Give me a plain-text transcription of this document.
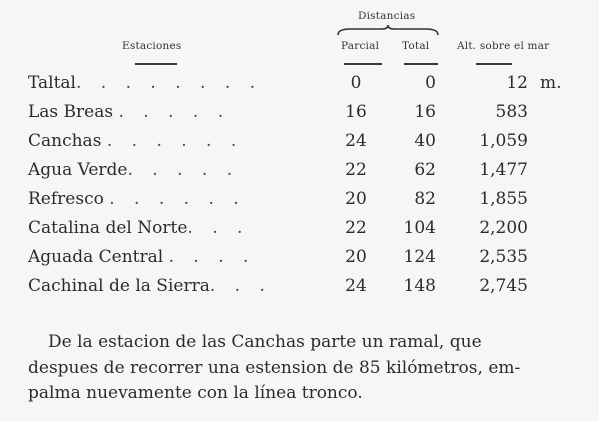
Distancias
Estaciones	Parcial Total	Alt. sobre el mar
Taltal. . . . . . . .	0	0	12 m.
Las Breas . . . . .	16	16	583
Canchas . . . . . .	24	40	1,059
Agua Verde. . . . .	22	62	1,477
Refresco . . . . . .	20	82	1,855
Catalina del Norte. . .	22	104	2,200
Aguada Central . . . .	20	124	2,535
Cachinal de la Sierra. . .	24	148	2,745
De la estacion de las Canchas parte un ramal, que
despues de recorrer una estension de 85 kilómetros, em-
palma nuevamente con la línea tronco.
